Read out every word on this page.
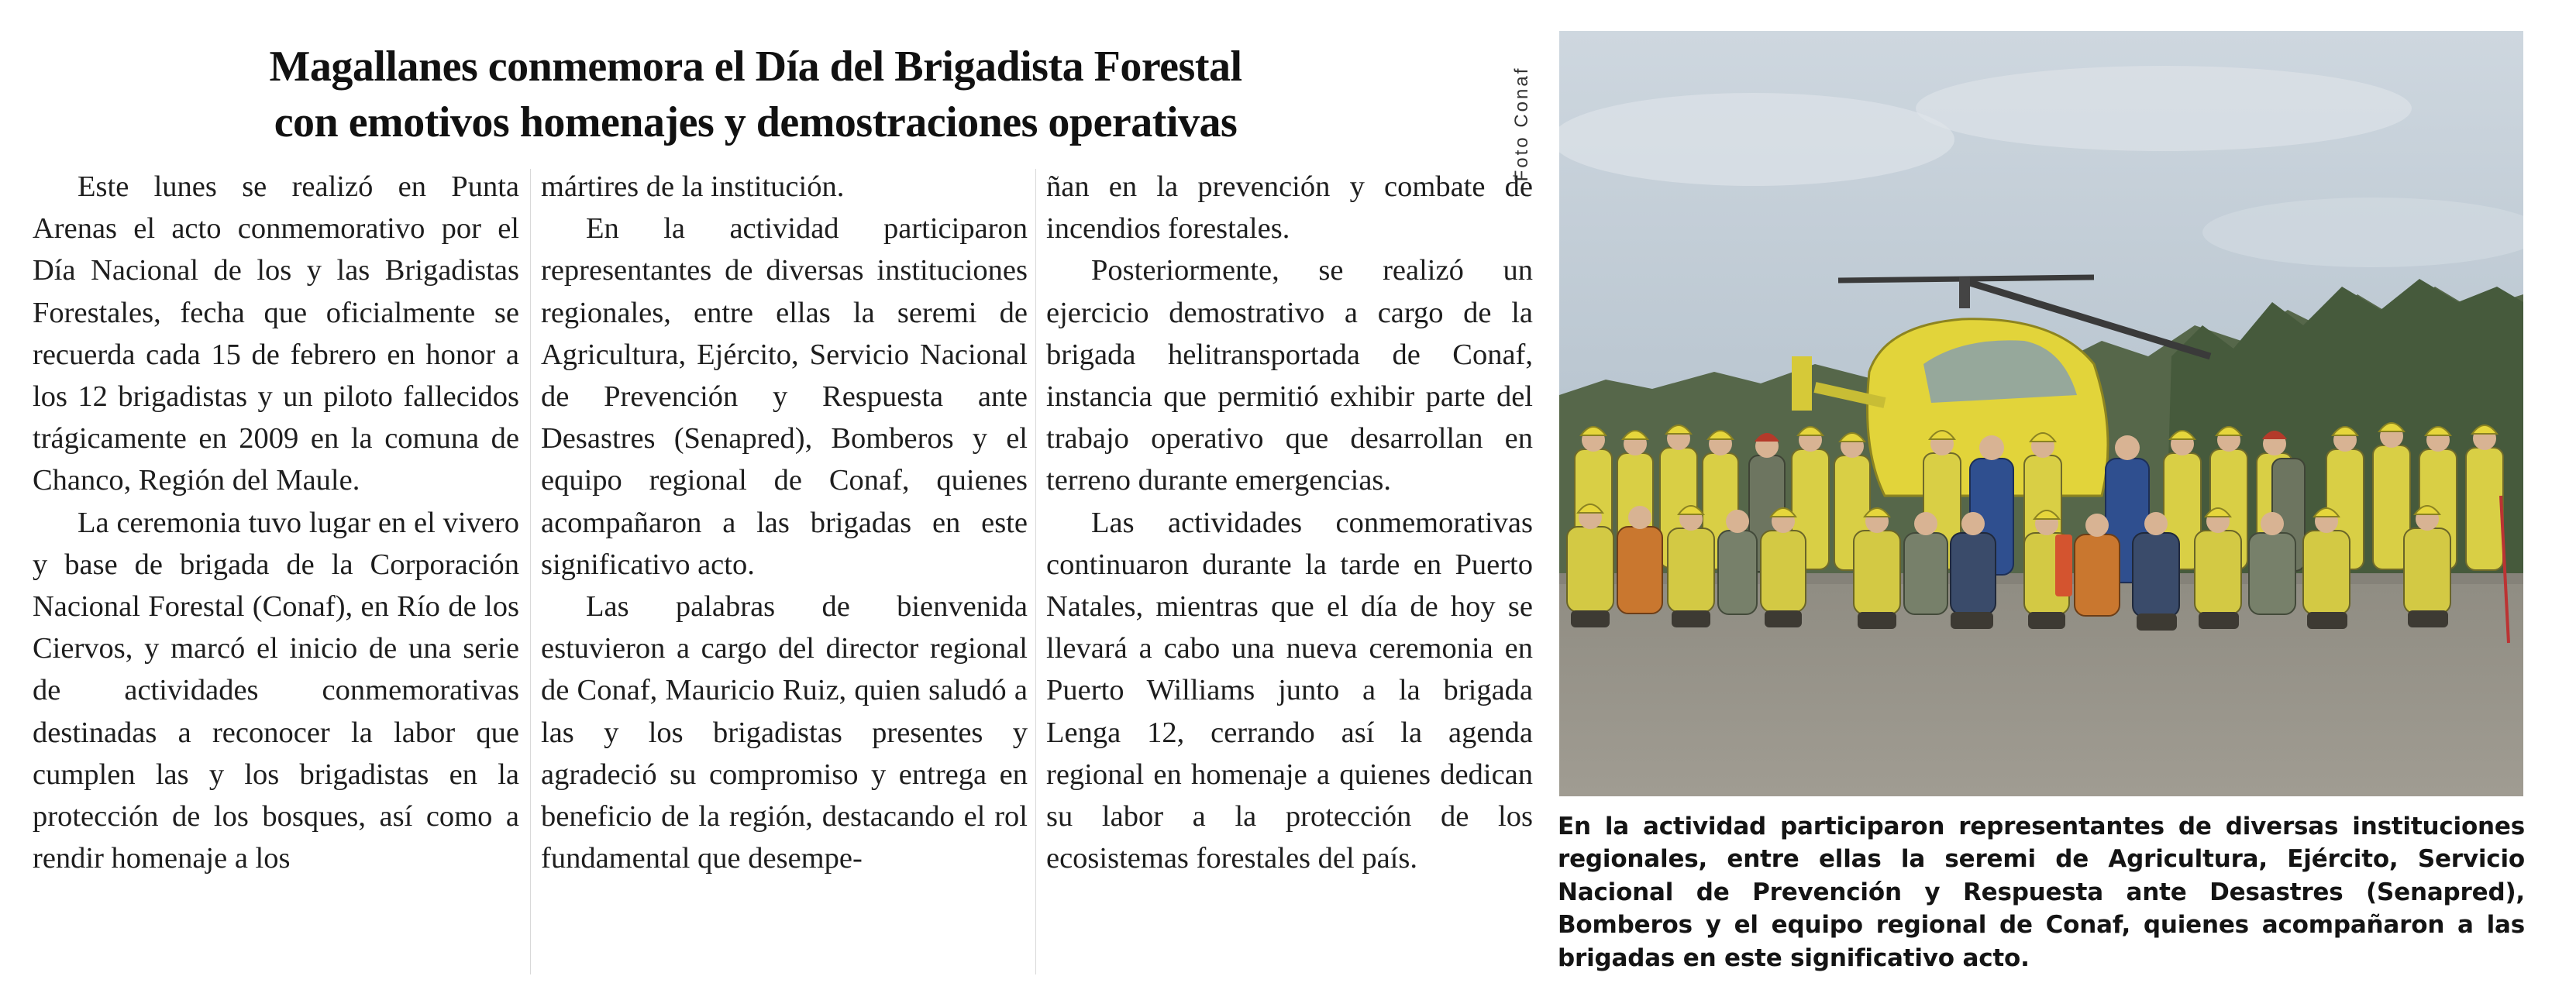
Magallanes conmemora el Día del Brigadista Forestal
con emotivos homenajes y demostraciones operativas

Este lunes se realizó en Punta Arenas el acto conmemorativo por el Día Nacional de los y las Brigadistas Forestales, fecha que oficialmente se recuerda cada 15 de febrero en honor a los 12 brigadistas y un piloto fallecidos trágicamente en 2009 en la comuna de Chanco, Región del Maule.

La ceremonia tuvo lugar en el vivero y base de brigada de la Corporación Nacional Forestal (Conaf), en Río de los Ciervos, y marcó el inicio de una serie de actividades conmemorativas destinadas a reconocer la labor que cumplen las y los brigadistas en la protección de los bosques, así como a rendir homenaje a los

mártires de la institución.

En la actividad participaron representantes de diversas instituciones regionales, entre ellas la seremi de Agricultura, Ejército, Servicio Nacional de Prevención y Respuesta ante Desastres (Senapred), Bomberos y el equipo regional de Conaf, quienes acompañaron a las brigadas en este significativo acto.

Las palabras de bienvenida estuvieron a cargo del director regional de Conaf, Mauricio Ruiz, quien saludó a las y los brigadistas presentes y agradeció su compromiso y entrega en beneficio de la región, destacando el rol fundamental que desempe-

ñan en la prevención y combate de incendios forestales.

Posteriormente, se realizó un ejercicio demostrativo a cargo de la brigada helitransportada de Conaf, instancia que permitió exhibir parte del trabajo operativo que desarrollan en terreno durante emergencias.

Las actividades conmemorativas continuaron durante la tarde en Puerto Natales, mientras que el día de hoy se llevará a cabo una nueva ceremonia en Puerto Williams junto a la brigada Lenga 12, cerrando así la agenda regional en homenaje a quienes dedican su labor a la protección de los ecosistemas forestales del país.

Foto Conaf

En la actividad participaron representantes de diversas instituciones regionales, entre ellas la seremi de Agricultura, Ejército, Servicio Nacional de Prevención y Respuesta ante Desastres (Senapred), Bomberos y el equipo regional de Conaf, quienes acompañaron a las brigadas en este significativo acto.
